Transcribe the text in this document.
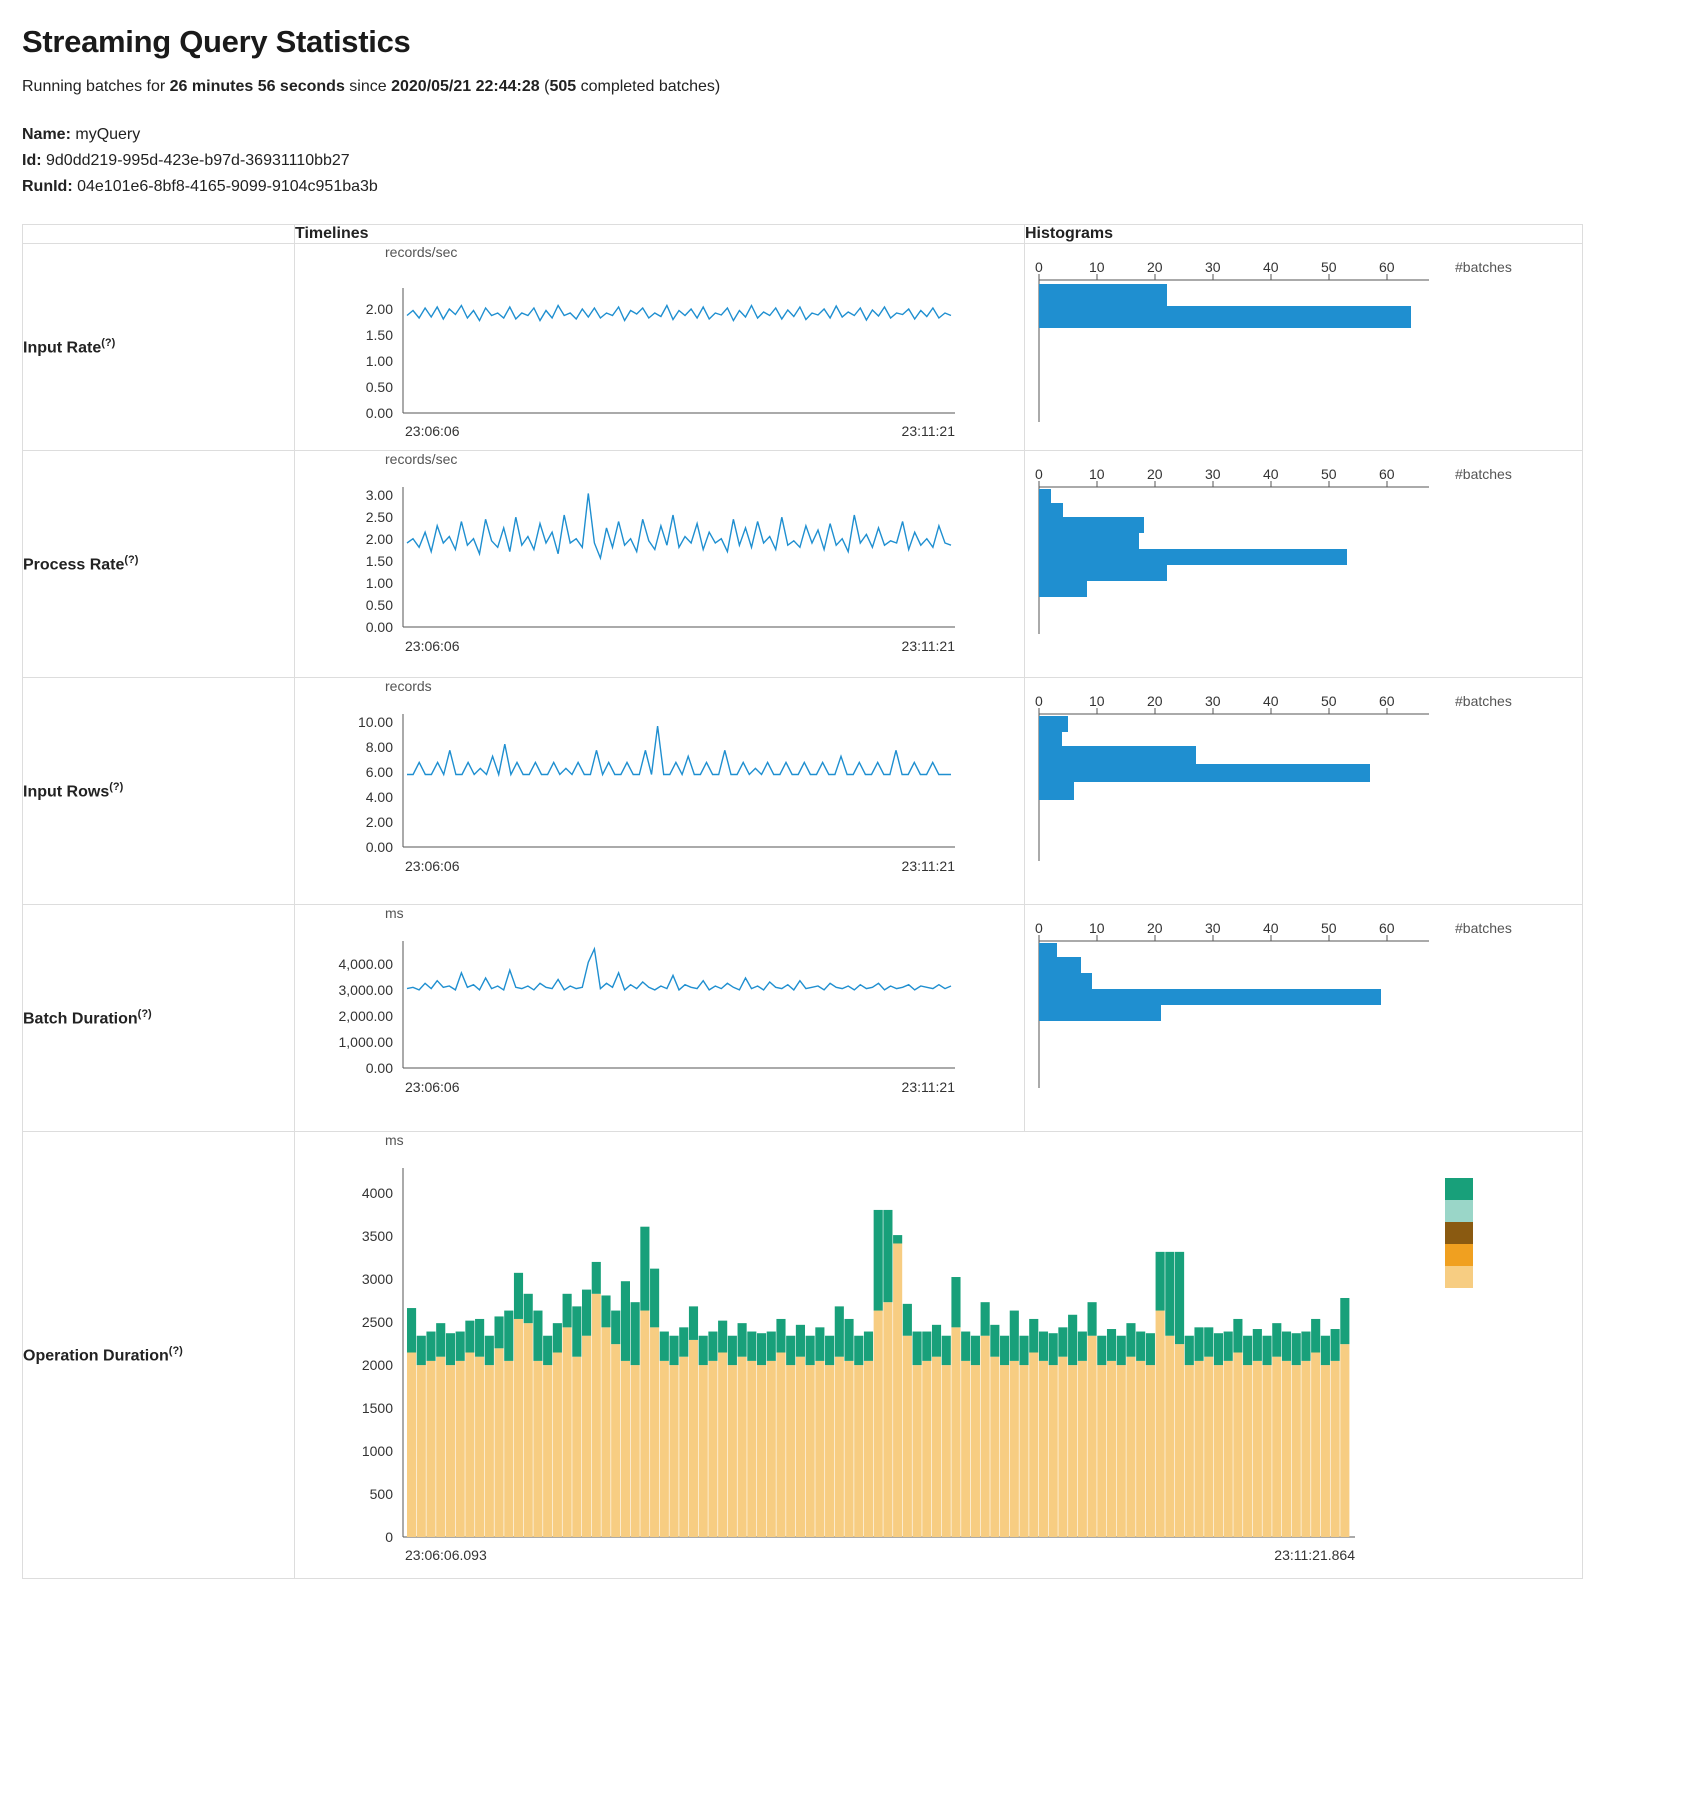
Streaming Query Statistics
Running batches for 26 minutes 56 seconds since 2020/05/21 22:44:28 (505 completed batches)
Name: myQuery
Id: 9d0dd219-995d-423e-b97d-36931110bb27
RunId: 04e101e6-8bf8-4165-9099-9104c951ba3b
	Timelines	Histograms
Input Rate(?)	
records/sec
2.00
1.50
1.00
0.50
0.00
23:06:06	23:11:21

0	10	20	30	40	50	60	#batches

Process Rate(?)	
records/sec
3.00
2.50
2.00
1.50
1.00
0.50
0.00
23:06:06	23:11:21

0	10	20	30	40	50	60	#batches

Input Rows(?)	
records
10.00
8.00
6.00
4.00
2.00
0.00
23:06:06	23:11:21

0	10	20	30	40	50	60	#batches

Batch Duration(?)	
ms
4,000.00
3,000.00
2,000.00
1,000.00
0.00
23:06:06	23:11:21

0	10	20	30	40	50	60	#batches

Operation Duration(?)	
ms
4000
3500
3000
2500
2000
1500
1000
500
0
23:06:06.093	23:11:21.864
